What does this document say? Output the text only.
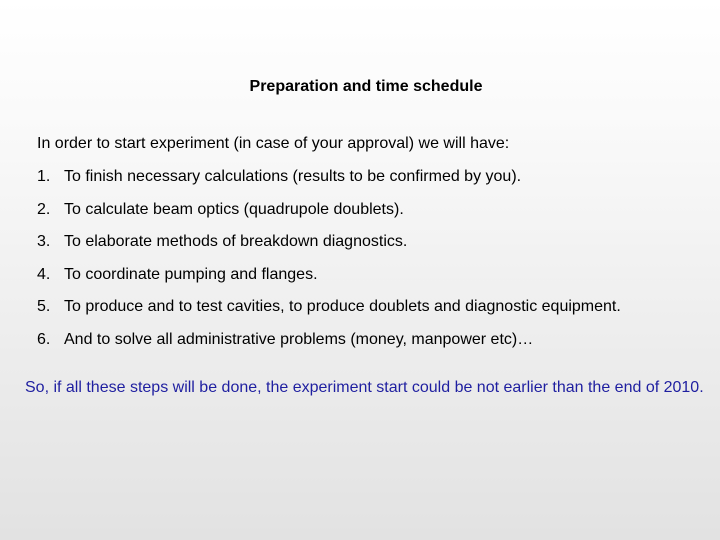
Preparation and time schedule
In order to start experiment (in case of your approval) we will have:
1. To finish necessary calculations (results to be confirmed by you).
2. To calculate beam optics (quadrupole doublets).
3. To elaborate methods of breakdown diagnostics.
4. To coordinate pumping and flanges.
5. To produce and to test cavities, to produce doublets and diagnostic equipment.
6. And to solve all administrative problems (money, manpower etc)…
So, if all these steps will be done, the experiment start could be not earlier than the end of 2010.
